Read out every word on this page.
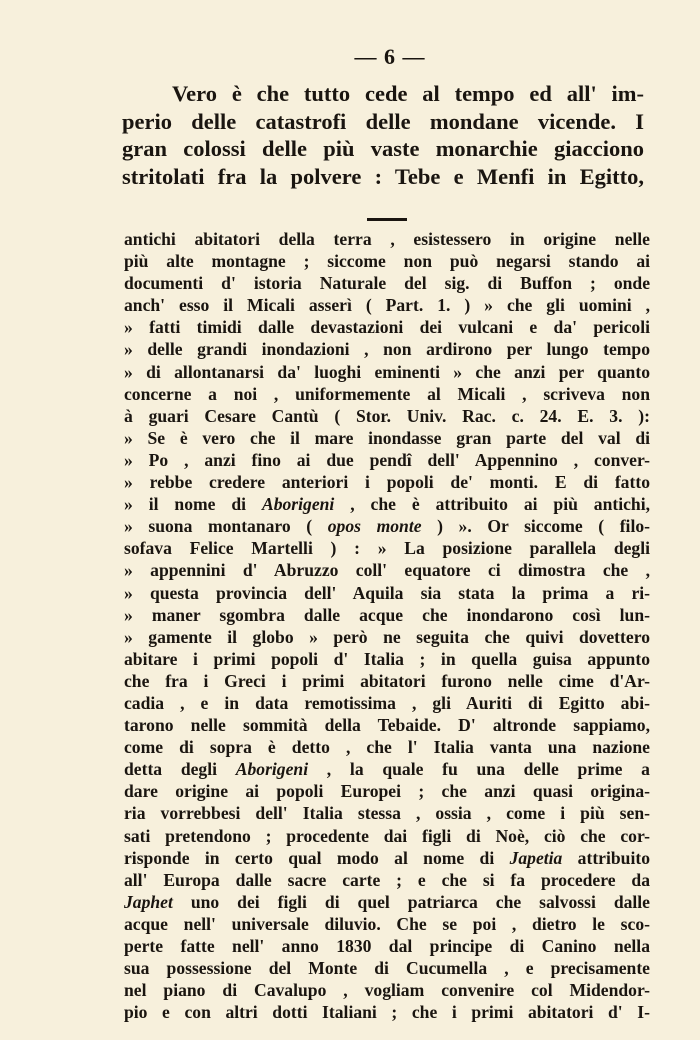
— 6 —
Vero è che tutto cede al tempo ed all' im-
perio delle catastrofi delle mondane vicende. I
gran colossi delle più vaste monarchie giacciono
stritolati fra la polvere : Tebe e Menfi in Egitto,
antichi abitatori della terra , esistessero in origine nelle
più alte montagne ; siccome non può negarsi stando ai
documenti d' istoria Naturale del sig. di Buffon ; onde
anch' esso il Micali asserì ( Part. 1. ) » che gli uomini ,
» fatti timidi dalle devastazioni dei vulcani e da' pericoli
» delle grandi inondazioni , non ardirono per lungo tempo
» di allontanarsi da' luoghi eminenti » che anzi per quanto
concerne a noi , uniformemente al Micali , scriveva non
à guari Cesare Cantù ( Stor. Univ. Rac. c. 24. E. 3. ):
» Se è vero che il mare inondasse gran parte del val di
» Po , anzi fino ai due pendî dell' Appennino , conver-
» rebbe credere anteriori i popoli de' monti. E di fatto
» il nome di Aborigeni , che è attribuito ai più antichi,
» suona montanaro ( opos monte ) ». Or siccome ( filo-
sofava Felice Martelli ) : » La posizione parallela degli
» appennini d' Abruzzo coll' equatore ci dimostra che ,
» questa provincia dell' Aquila sia stata la prima a ri-
» maner sgombra dalle acque che inondarono così lun-
» gamente il globo » però ne seguita che quivi dovettero
abitare i primi popoli d' Italia ; in quella guisa appunto
che fra i Greci i primi abitatori furono nelle cime d'Ar-
cadia , e in data remotissima , gli Auriti di Egitto abi-
tarono nelle sommità della Tebaide. D' altronde sappiamo,
come di sopra è detto , che l' Italia vanta una nazione
detta degli Aborigeni , la quale fu una delle prime a
dare origine ai popoli Europei ; che anzi quasi origina-
ria vorrebbesi dell' Italia stessa , ossia , come i più sen-
sati pretendono ; procedente dai figli di Noè, ciò che cor-
risponde in certo qual modo al nome di Japetia attribuito
all' Europa dalle sacre carte ; e che si fa procedere da
Japhet uno dei figli di quel patriarca che salvossi dalle
acque nell' universale diluvio. Che se poi , dietro le sco-
perte fatte nell' anno 1830 dal principe di Canino nella
sua possessione del Monte di Cucumella , e precisamente
nel piano di Cavalupo , vogliam convenire col Midendor-
pio e con altri dotti Italiani ; che i primi abitatori d' I-
